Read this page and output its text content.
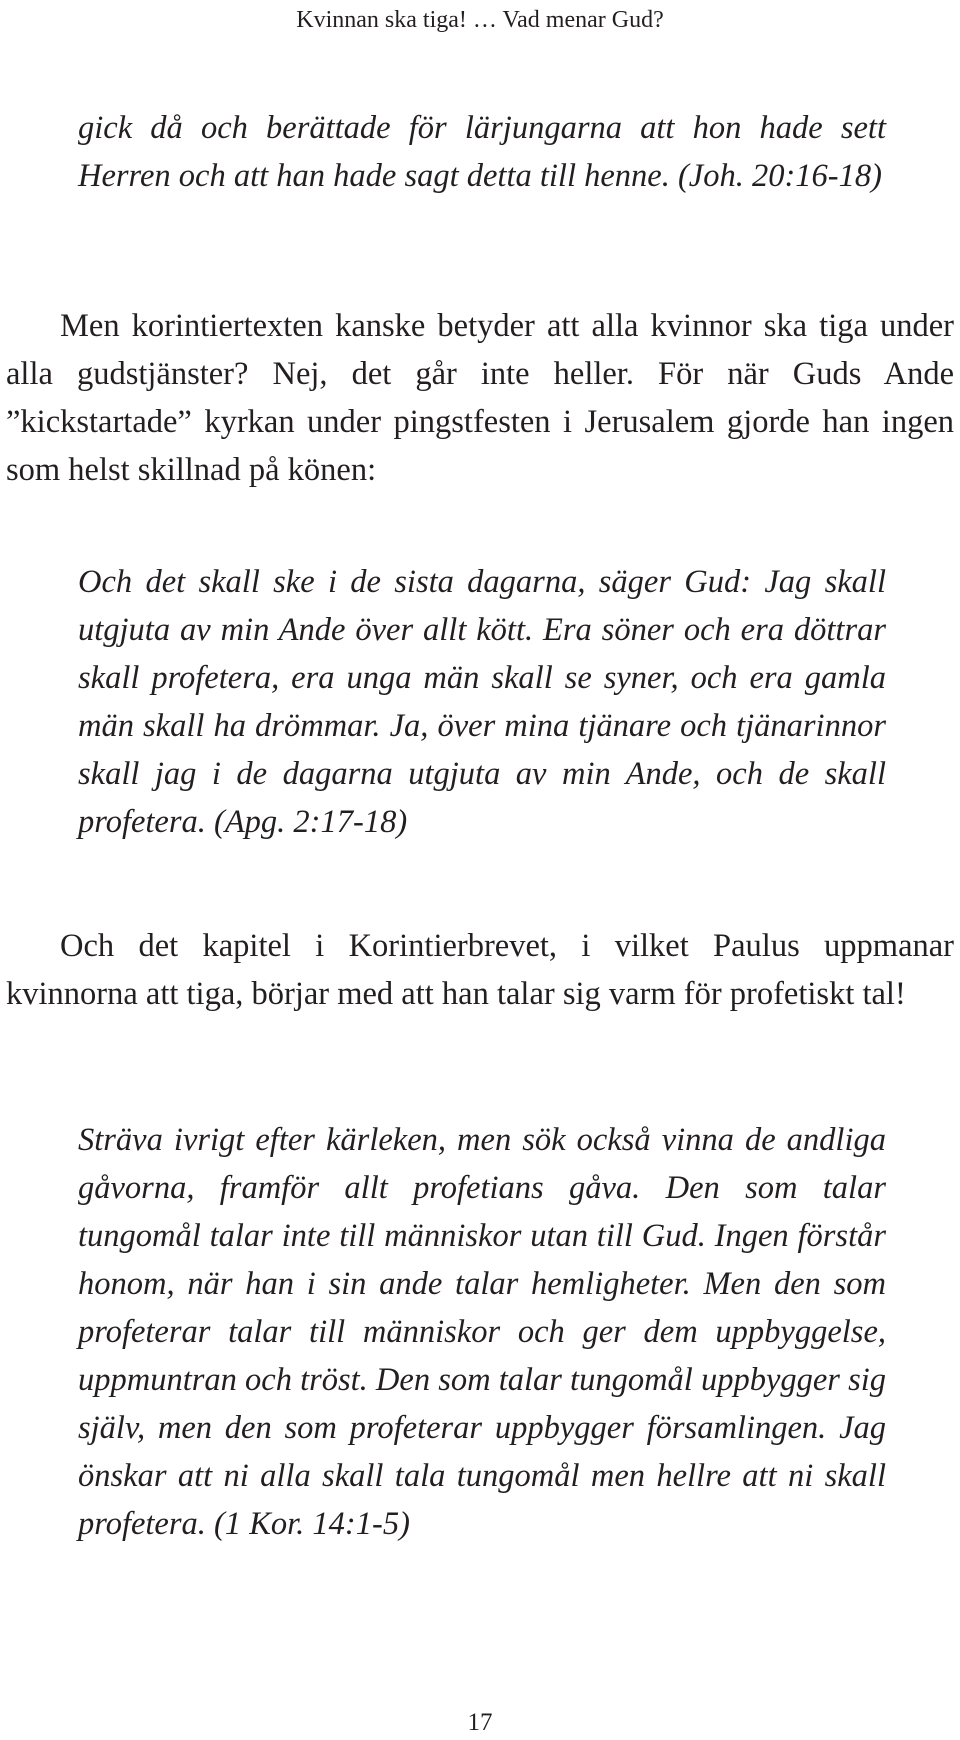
Kvinnan ska tiga! … Vad menar Gud?

gick då och berättade för lärjungarna att hon hade sett Herren och att han hade sagt detta till henne. (Joh. 20:16-18)

Men korintiertexten kanske betyder att alla kvinnor ska tiga under alla gudstjänster? Nej, det går inte heller. För när Guds Ande ”kickstartade” kyrkan under pingstfesten i Jerusalem gjorde han ingen som helst skillnad på könen:

Och det skall ske i de sista dagarna, säger Gud: Jag skall utgjuta av min Ande över allt kött. Era söner och era döttrar skall profetera, era unga män skall se syner, och era gamla män skall ha drömmar. Ja, över mina tjänare och tjänarinnor skall jag i de dagarna utgjuta av min Ande, och de skall profetera. (Apg. 2:17-18)

Och det kapitel i Korintierbrevet, i vilket Paulus uppmanar kvinnorna att tiga, börjar med att han talar sig varm för profetiskt tal!

Sträva ivrigt efter kärleken, men sök också vinna de andliga gåvorna, framför allt profetians gåva. Den som talar tungomål talar inte till människor utan till Gud. Ingen förstår honom, när han i sin ande talar hemligheter. Men den som profeterar talar till människor och ger dem uppbyggelse, uppmuntran och tröst. Den som talar tungomål uppbygger sig själv, men den som profeterar uppbygger församlingen. Jag önskar att ni alla skall tala tungomål men hellre att ni skall profetera. (1 Kor. 14:1-5)

17
